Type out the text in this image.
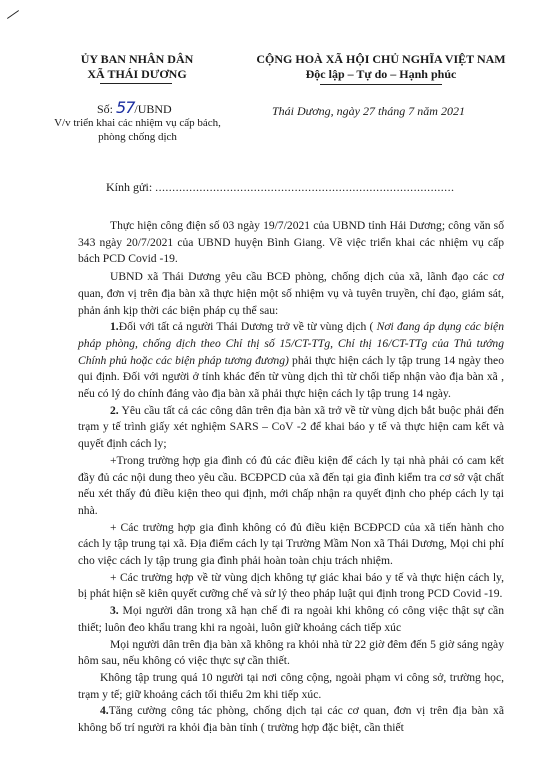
ỦY BAN NHÂN DÂN
XÃ THÁI DƯƠNG
CỘNG HOÀ XÃ HỘI CHỦ NGHĨA VIỆT NAM
Độc lập – Tự do – Hạnh phúc
Số: 57/UBND
V/v triển khai các nhiệm vụ cấp bách,
phòng chống dịch
Thái Dương, ngày 27 tháng 7 năm 2021
Kính gửi: ........................................................................................

Thực hiện công điện số 03 ngày 19/7/2021 của UBND tỉnh Hải Dương; công văn số 343 ngày 20/7/2021 của UBND huyện Bình Giang. Về việc triển khai các nhiệm vụ cấp bách PCD Covid -19.

UBND xã Thái Dương yêu cầu BCĐ phòng, chống dịch của xã, lãnh đạo các cơ quan, đơn vị trên địa bàn xã thực hiện một số nhiệm vụ và tuyên truyền, chỉ đạo, giám sát, phản ánh kịp thời các biện pháp cụ thể sau:

1.Đối với tất cả người Thái Dương trở về từ vùng dịch ( Nơi đang áp dụng các biện pháp phòng, chống dịch theo Chỉ thị số 15/CT-TTg, Chỉ thị 16/CT-TTg của Thủ tướng Chính phủ hoặc các biện pháp tương đương) phải thực hiện cách ly tập trung 14 ngày theo qui định. Đối với người ở tỉnh khác đến từ vùng dịch thì từ chối tiếp nhận vào địa bàn xã , nếu có lý do chính đáng vào địa bàn xã phải thực hiện cách ly tập trung 14 ngày.

2. Yêu cầu tất cả các công dân trên địa bàn xã trở về từ vùng dịch bắt buộc phải đến trạm y tế trình giấy xét nghiệm SARS – CoV -2 để khai báo y tế và thực hiện cam kết và quyết định cách ly;

+Trong trường hợp gia đình có đủ các điều kiện để cách ly tại nhà phải có cam kết đầy đủ các nội dung theo yêu cầu. BCĐPCD của xã đến tại gia đình kiểm tra cơ sở vật chất nếu xét thấy đủ điều kiện theo qui định, mới chấp nhận ra quyết định cho phép cách ly tại nhà.

+ Các trường hợp gia đình không có đủ điều kiện BCĐPCD của xã tiến hành cho cách ly tập trung tại xã. Địa điểm cách ly tại Trường Mầm Non xã Thái Dương, Mọi chi phí cho việc cách ly tập trung gia đình phải hoàn toàn chịu trách nhiệm.

+ Các trường hợp về từ vùng dịch không tự giác khai báo y tế và thực hiện cách ly, bị phát hiện sẽ kiên quyết cưỡng chế và sử lý theo pháp luật qui định trong PCD Covid -19.

3. Mọi người dân trong xã hạn chế đi ra ngoài khi không có công việc thật sự cần thiết; luôn đeo khẩu trang khi ra ngoài, luôn giữ khoảng cách tiếp xúc

Mọi người dân trên địa bàn xã không ra khỏi nhà từ 22 giờ đêm đến 5 giờ sáng ngày hôm sau, nếu không có việc thực sự cần thiết.

Không tập trung quá 10 người tại nơi công cộng, ngoài phạm vi công sở, trường học, trạm y tế; giữ khoảng cách tối thiểu 2m khi tiếp xúc.

4.Tăng cường công tác phòng, chống dịch tại các cơ quan, đơn vị trên địa bàn xã không bố trí người ra khỏi địa bàn tỉnh ( trường hợp đặc biệt, cần thiết
